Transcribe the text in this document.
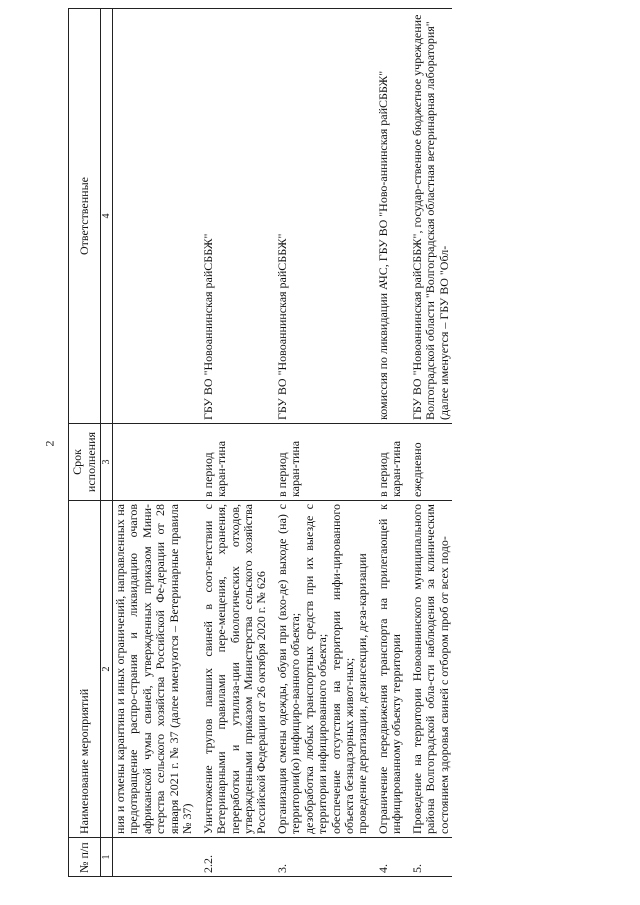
2
№ п/п	Наименование мероприятий	Срок исполнения	Ответственные
1	2	3	4
	ния и отмены карантина и иных ограничений, направленных на предотвращение распро-страния и ликвидацию очагов африканской чумы свиней, утвержденных приказом Мини-стерства сельского хозяйства Российской Фе-дерации от 28 января 2021 г. № 37 (далее именуются – Ветеринарные правила № 37)		
2.2.	Уничтожение трупов павших свиней в соот-ветствии с Ветеринарными правилами пере-мещения, хранения, переработки и утилиза-ции биологических отходов, утвержденными приказом Министерства сельского хозяйства Российской Федерации от 26 октября 2020 г. № 626	в период каран-тина	ГБУ ВО "Новоаннинская райСББЖ"
3.	Организация смены одежды, обуви при (вхо-де) выходе (на) с территории(ю) инфициро-ванного объекта; дезобработка любых транспортных средств при их выезде с территории инфицированного объекта; обеспечение отсутствия на территории инфи-цированного объекта безнадзорных живот-ных; проведение дератизации, дезинсекции, деза-каризации	в период каран-тина	ГБУ ВО "Новоаннинская райСББЖ"
4.	Ограничение передвижения транспорта на прилегающей к инфицированному объекту территории	в период каран-тина	комиссия по ликвидации АЧС, ГБУ ВО "Ново-аннинская райСББЖ"
5.	Проведение на территории Новоаннинского муниципального района Волгоградской обла-сти наблюдения за клиническим состоянием здоровья свиней с отбором проб от всех подо-	ежедневно	ГБУ ВО "Новоаннинская райСББЖ", государ-ственное бюджетное учреждение Волгоградской области "Волгоградская областная ветеринарная лаборатория" (далее именуется – ГБУ ВО "Обл-
